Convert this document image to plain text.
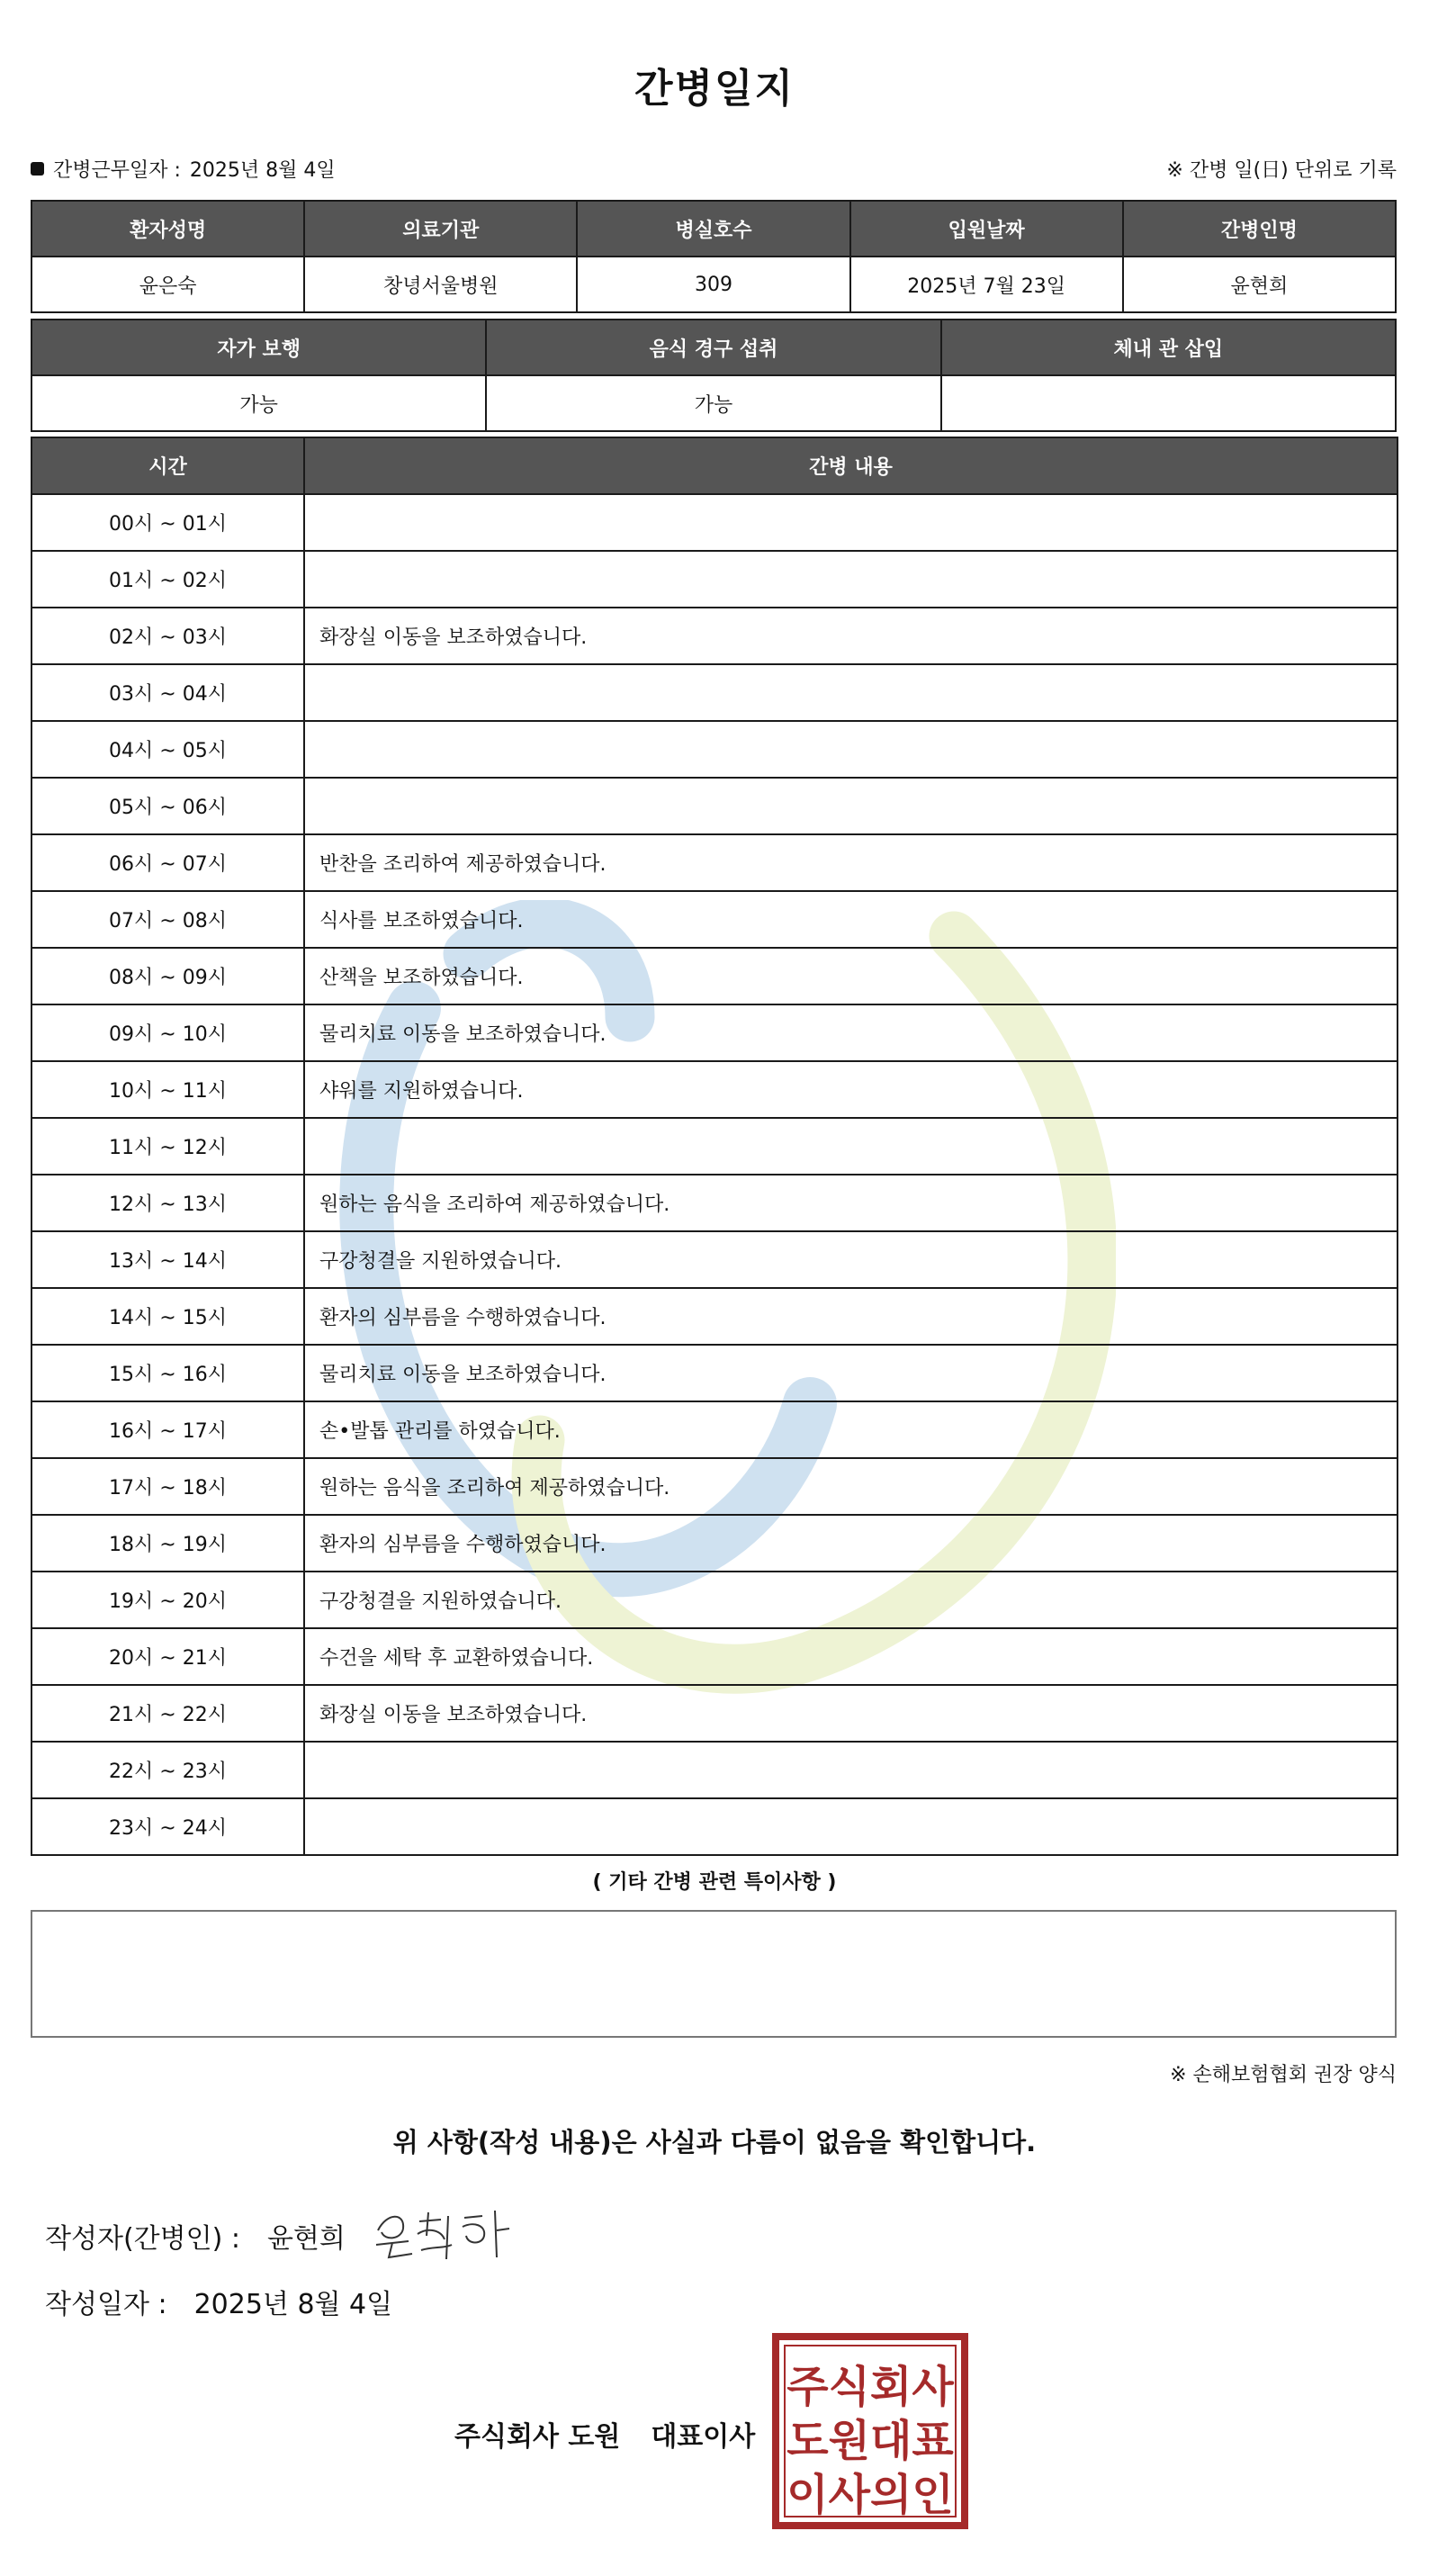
간병일지
간병근무일자 : 2025년 8월 4일	※ 간병 일(日) 단위로 기록
환자성명	의료기관	병실호수	입원날짜	간병인명
윤은숙	창녕서울병원	309	2025년 7월 23일	윤현희
자가 보행	음식 경구 섭취	체내 관 삽입
가능	가능	
시간	간병 내용
00시 ~ 01시	
01시 ~ 02시	
02시 ~ 03시	화장실 이동을 보조하였습니다.
03시 ~ 04시	
04시 ~ 05시	
05시 ~ 06시	
06시 ~ 07시	반찬을 조리하여 제공하였습니다.
07시 ~ 08시	식사를 보조하였습니다.
08시 ~ 09시	산책을 보조하였습니다.
09시 ~ 10시	물리치료 이동을 보조하였습니다.
10시 ~ 11시	샤워를 지원하였습니다.
11시 ~ 12시	
12시 ~ 13시	원하는 음식을 조리하여 제공하였습니다.
13시 ~ 14시	구강청결을 지원하였습니다.
14시 ~ 15시	환자의 심부름을 수행하였습니다.
15시 ~ 16시	물리치료 이동을 보조하였습니다.
16시 ~ 17시	손•발톱 관리를 하였습니다.
17시 ~ 18시	원하는 음식을 조리하여 제공하였습니다.
18시 ~ 19시	환자의 심부름을 수행하였습니다.
19시 ~ 20시	구강청결을 지원하였습니다.
20시 ~ 21시	수건을 세탁 후 교환하였습니다.
21시 ~ 22시	화장실 이동을 보조하였습니다.
22시 ~ 23시	
23시 ~ 24시	
( 기타 간병 관련 특이사항 )
※ 손해보험협회 권장 양식
위 사항(작성 내용)은 사실과 다름이 없음을 확인합니다.
작성자(간병인) : 윤현희
작성일자 : 2025년 8월 4일
주식회사 도원 대표이사
주식회사
도원대표
이사의인
